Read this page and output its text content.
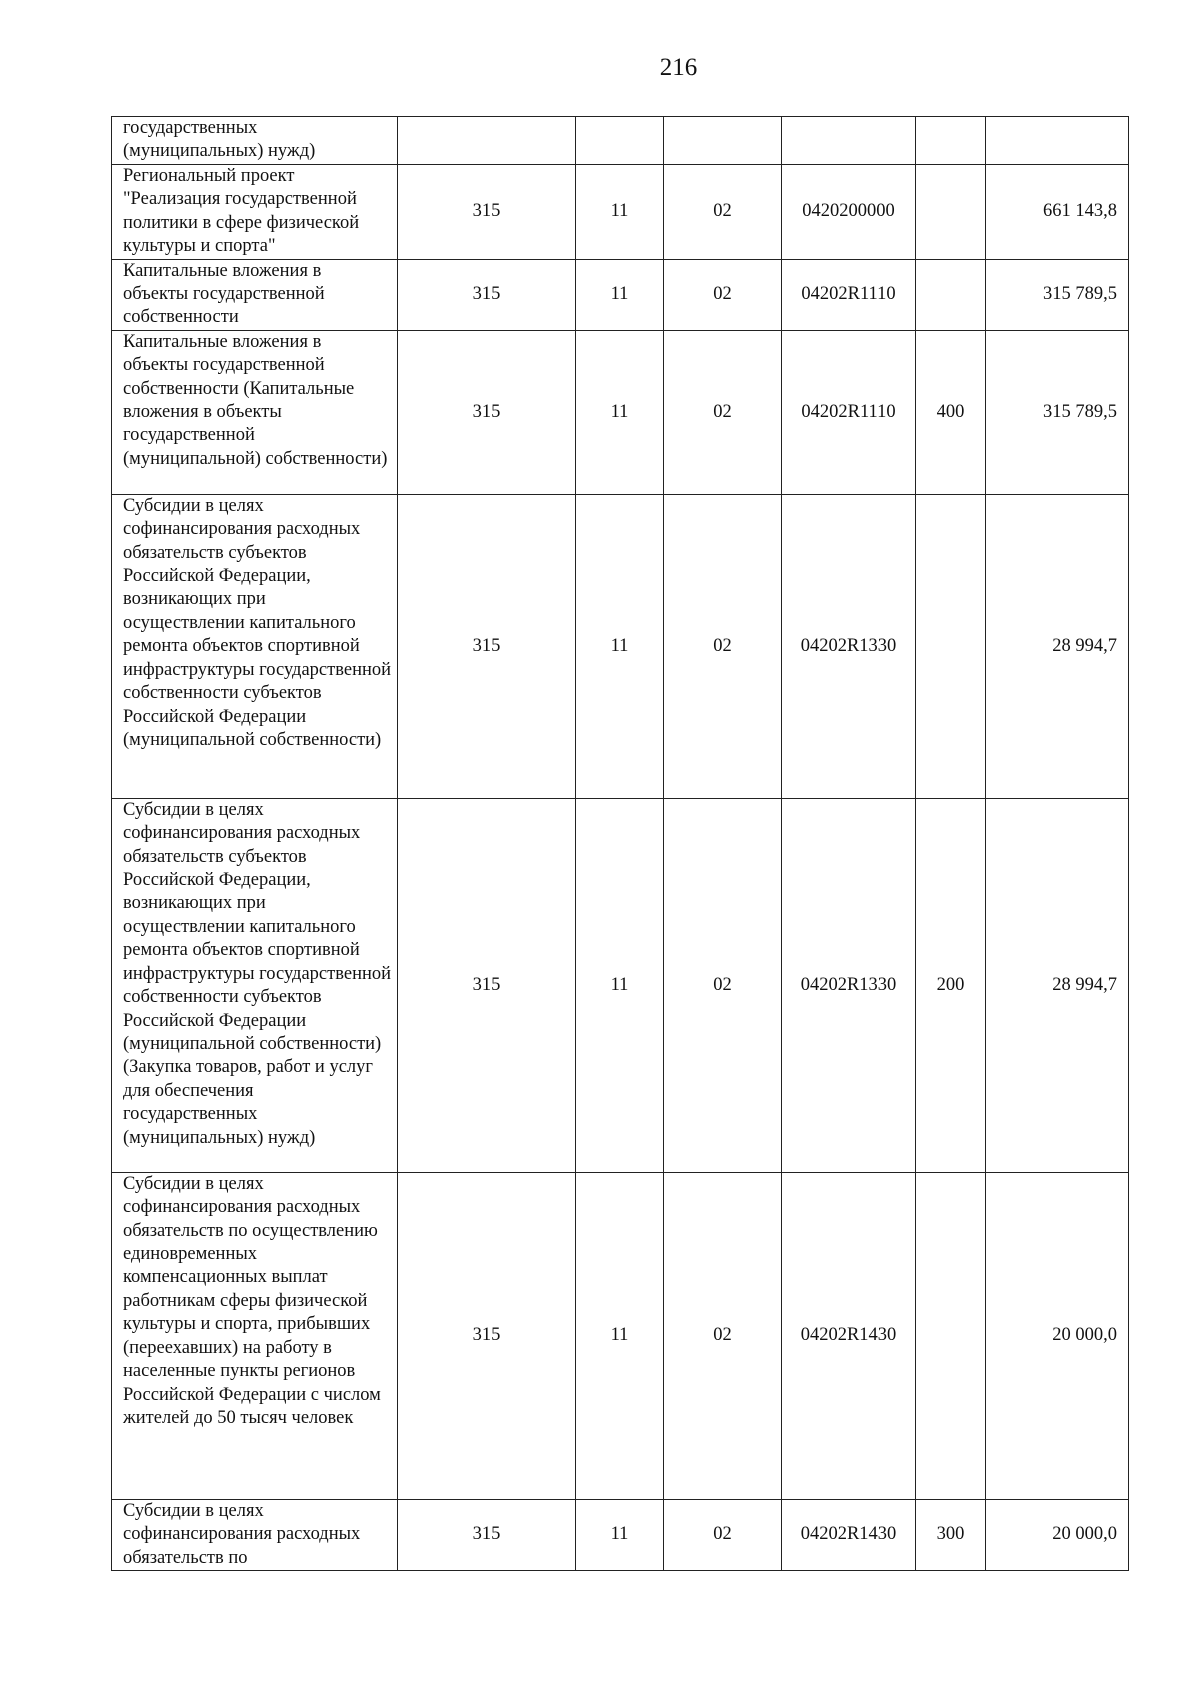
216
государственных (муниципальных) нужд)						
Региональный проект "Реализация государственной политики в сфере физической культуры и спорта"	315	11	02	0420200000		661 143,8
Капитальные вложения в объекты государственной собственности	315	11	02	04202R1110		315 789,5
Капитальные вложения в объекты государственной собственности (Капитальные вложения в объекты государственной (муниципальной) собственности)	315	11	02	04202R1110	400	315 789,5
Субсидии в целях софинансирования расходных обязательств субъектов Российской Федерации, возникающих при осуществлении капитального ремонта объектов спортивной инфраструктуры государственной собственности субъектов Российской Федерации (муниципальной собственности)	315	11	02	04202R1330		28 994,7
Субсидии в целях софинансирования расходных обязательств субъектов Российской Федерации, возникающих при осуществлении капитального ремонта объектов спортивной инфраструктуры государственной собственности субъектов Российской Федерации (муниципальной собственности) (Закупка товаров, работ и услуг для обеспечения государственных (муниципальных) нужд)	315	11	02	04202R1330	200	28 994,7
Субсидии в целях софинансирования расходных обязательств по осуществлению единовременных компенсационных выплат работникам сферы физической культуры и спорта, прибывших (переехавших) на работу в населенные пункты регионов Российской Федерации с числом жителей до 50 тысяч человек	315	11	02	04202R1430		20 000,0
Субсидии в целях софинансирования расходных обязательств по	315	11	02	04202R1430	300	20 000,0
